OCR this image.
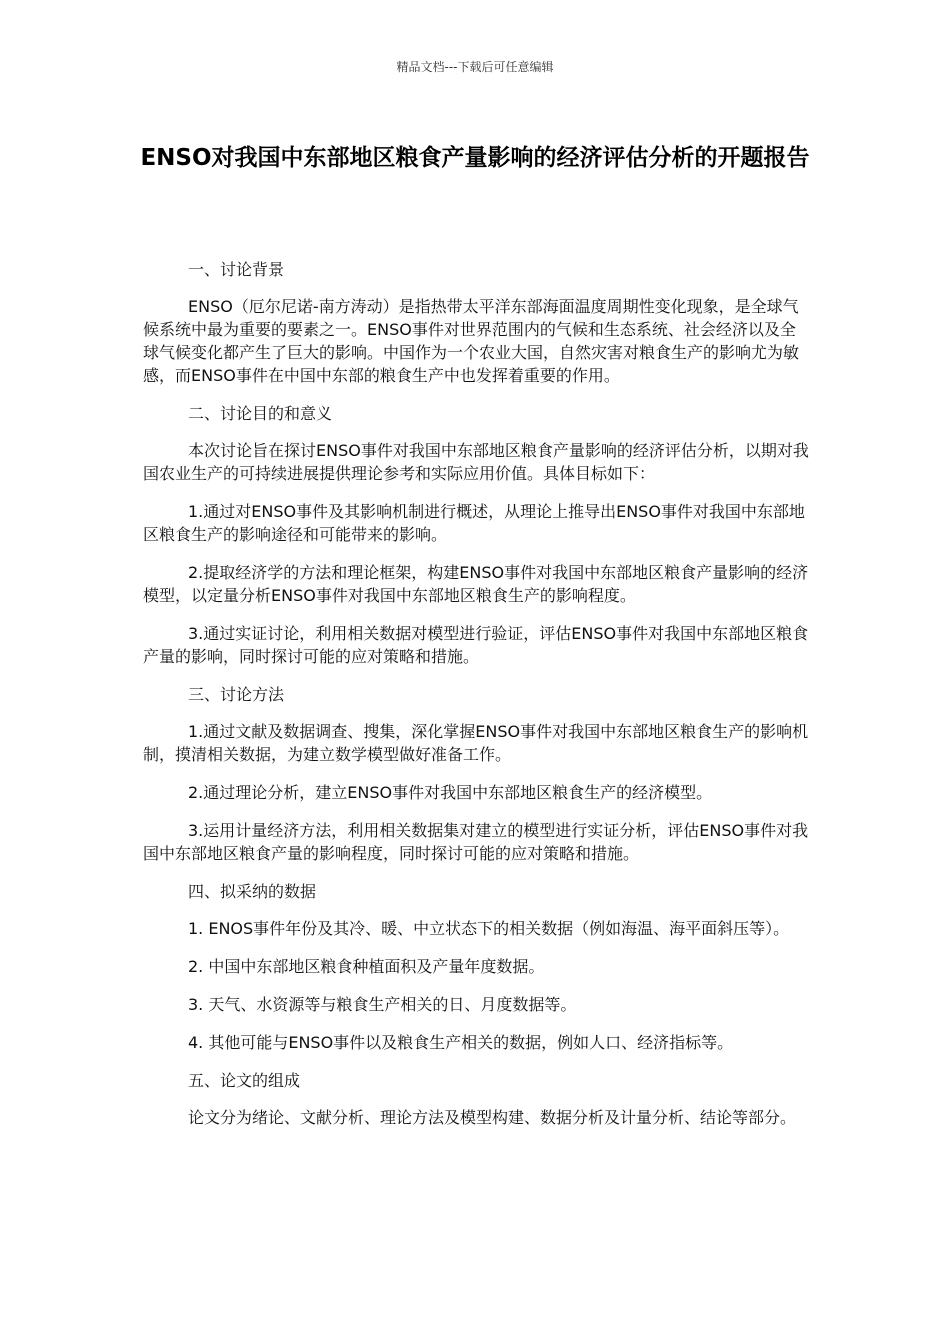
精品文档---下载后可任意编辑
ENSO对我国中东部地区粮食产量影响的经济评估分析的开题报告

一、讨论背景

ENSO（厄尔尼诺-南方涛动）是指热带太平洋东部海面温度周期性变化现象，是全球气候系统中最为重要的要素之一。ENSO事件对世界范围内的气候和生态系统、社会经济以及全球气候变化都产生了巨大的影响。中国作为一个农业大国，自然灾害对粮食生产的影响尤为敏感，而ENSO事件在中国中东部的粮食生产中也发挥着重要的作用。

二、讨论目的和意义

本次讨论旨在探讨ENSO事件对我国中东部地区粮食产量影响的经济评估分析，以期对我国农业生产的可持续进展提供理论参考和实际应用价值。具体目标如下：

1.通过对ENSO事件及其影响机制进行概述，从理论上推导出ENSO事件对我国中东部地区粮食生产的影响途径和可能带来的影响。

2.提取经济学的方法和理论框架，构建ENSO事件对我国中东部地区粮食产量影响的经济模型，以定量分析ENSO事件对我国中东部地区粮食生产的影响程度。

3.通过实证讨论，利用相关数据对模型进行验证，评估ENSO事件对我国中东部地区粮食产量的影响，同时探讨可能的应对策略和措施。

三、讨论方法

1.通过文献及数据调查、搜集，深化掌握ENSO事件对我国中东部地区粮食生产的影响机制，摸清相关数据，为建立数学模型做好准备工作。

2.通过理论分析，建立ENSO事件对我国中东部地区粮食生产的经济模型。

3.运用计量经济方法，利用相关数据集对建立的模型进行实证分析，评估ENSO事件对我国中东部地区粮食产量的影响程度，同时探讨可能的应对策略和措施。

四、拟采纳的数据

1. ENOS事件年份及其冷、暖、中立状态下的相关数据（例如海温、海平面斜压等）。

2. 中国中东部地区粮食种植面积及产量年度数据。

3. 天气、水资源等与粮食生产相关的日、月度数据等。

4. 其他可能与ENSO事件以及粮食生产相关的数据，例如人口、经济指标等。

五、论文的组成

论文分为绪论、文献分析、理论方法及模型构建、数据分析及计量分析、结论等部分。
